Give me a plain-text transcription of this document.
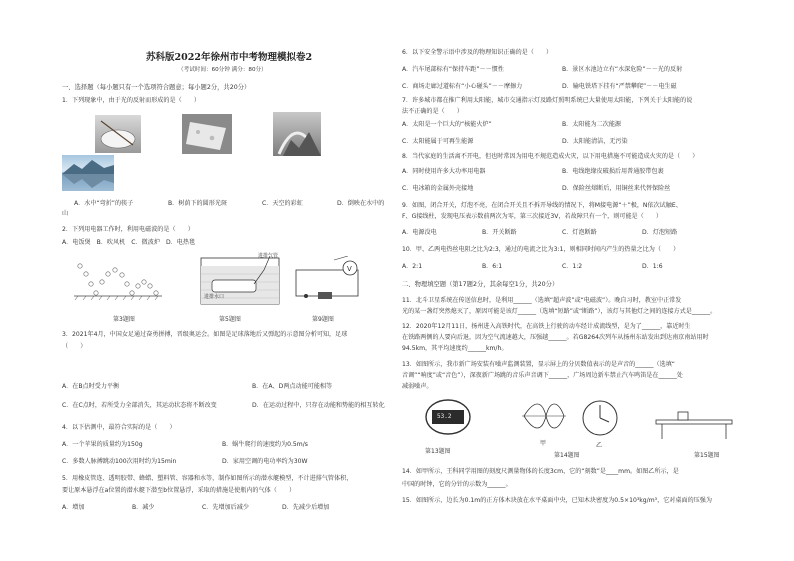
苏科版2022年徐州市中考物理模拟卷2
（考试时间：60分钟 满分：80分）
一、选择题（每小题只有一个选项符合题意；每小题2分，共20分）
1．下列现象中，由于光的反射而形成的是（　　）
A．水中“弯折”的筷子	B．树荫下的圆形光斑	C．天空的彩虹	D．倒映在水中的
山
2．下列用电器工作时，利用电磁波的是（　　）
A．电饭煲　B．吹风机　C．微波炉　D．电热毯
第3题图
进排气管
进排水口
第5题图
V
第9题图
3．2021年4月，中国女足通过奋勇拼搏，晋级奥运会。如图是足球落地后又弹起的示意图分析可知，足球
（　　）
A．在B点时受力平衡	B．在A、D两点动能可能相等
C．在C点时，若所受力全部消失，其运动状态将不断改变	D．在运动过程中，只存在动能和势能的相互转化
4．以下估测中，最符合实际的是（　　）
A．一个苹果的质量约为150g	B．蜗牛爬行的速度约为0.5m/s
C．多数人脉搏跳动100次用时约为15min	D．家用空调的电功率约为30W
5．用橡皮管连、透明胶带、蜂蜡、塑料管、容器和水等，制作如图所示的潜水艇模型，不计进排气管体积，
要让原本悬浮在a位置的潜水艇下潜至b位置悬浮，采取的措施是使瓶内的气体（　　）
A．增加	B．减少	C．先增加后减少	D．先减少后增加
6．以下安全警示语中涉及的物理知识正确的是（　　）
A．汽车尾部标有“保持车距”－－惯性	B．景区水池边立有“水深危险”－－光的反射
C．商场走廊过道标有“小心碰头”－－摩擦力	D．输电铁塔下挂有“严禁攀爬”－－电生磁
7．许多城市都在推广利用太阳能，城市交通指示灯及路灯照明系统已大量使用太阳能，下列关于太阳能的说
法不正确的是（　　）
A．太阳是一个巨大的“核能火炉”	B．太阳能为二次能源
C．太阳能属于可再生能源	D．太阳能清洁，无污染
8．当代家庭的生活离不开电，但也时常因为用电不规范造成火灾，以下用电措施不可能造成火灾的是（　　）
A．同时使用许多大功率用电器	B．电线绝缘皮破损后用普通胶带包裹
C．电冰箱的金属外壳接地	D．保险丝熔断后，用铜丝来代替保险丝
9．如图，闭合开关，灯泡不亮，在闭合开关且不拆开导线的情况下，将M接电源“＋”极，N依次试触E、
F、G接线柱，发现电压表示数前两次为零，第三次接近3V，若故障只有一个，则可能是（　　）
A．电源没电	B．开关断路	C．灯泡断路	D．灯泡短路
10．甲、乙两电热丝电阻之比为2:3，通过的电流之比为3:1，则相同时间内产生的热量之比为（　　）
A．2:1	B．6:1	C．1:2	D．1:6
二、物理填空题（第17题2分，其余每空1分，共20分）
11．北斗卫星系统在传送信息时，是利用______（选填“超声波”或“电磁波”）。晚自习时，教室中正常发
光的某一盏灯突然熄灭了，原因可能是该灯______（选填“短路”或“断路”），该灯与其他灯之间的连接方式是______。
12．2020年12月11日，扬州进入高铁时代，在高铁上行驶的动车经计成流线型，是为了______，靠近时生
在铁路两侧的人要向后退，因为空气流速越大，压强越______。若G8264次列车从扬州东站发出到达南京南站用时
94.5km，其平均速度约______km/h。
13．如图所示，我市新广场安装有噪声监测装置，显示屏上的分贝数值表示的是声音的______（选填“
音调”“响度”或“音色”），深夜新广场跳的音乐声音调下______，广场周边新车禁止汽车鸣笛是在______处
减弱噪声。
53.2
第13题图
甲	乙
第14题图	第15题图
14．如甲所示，王科同学用图的刻度尺测量物体的长度3cm，它的“刻数”是____mm。如图乙所示，是
中国的时钟，它的分针的示数为______。
15．如图所示，边长为0.1m的正方体木块放在水平桌面中央，已知木块密度为0.5×10³kg/m³，它对桌面的压强为
